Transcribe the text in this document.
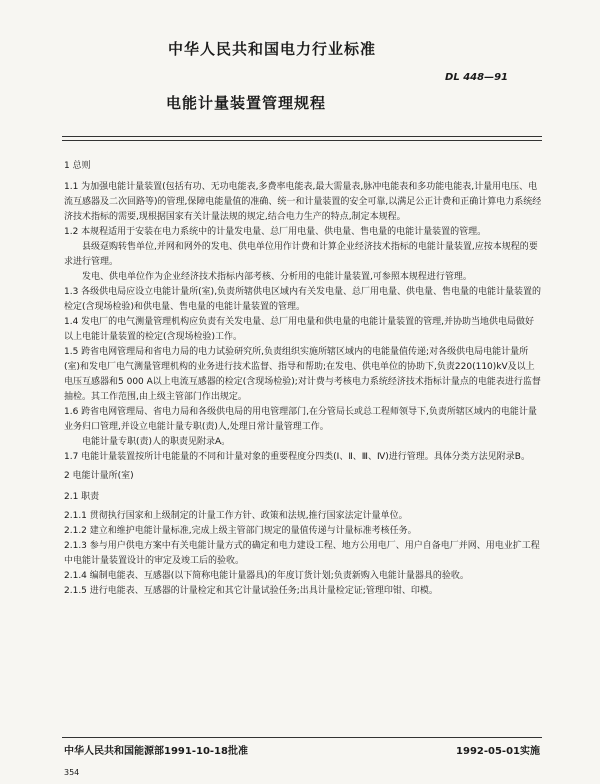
中华人民共和国电力行业标准
DL 448—91
电能计量装置管理规程

1 总则

1.1 为加强电能计量装置(包括有功、无功电能表,多费率电能表,最大需量表,脉冲电能表和多功能电能表,计量用电压、电流互感器及二次回路等)的管理,保障电能量值的准确、统一和计量装置的安全可靠,以满足公正计费和正确计算电力系统经济技术指标的需要,现根据国家有关计量法规的规定,结合电力生产的特点,制定本规程。

1.2 本规程适用于安装在电力系统中的计量发电量、总厂用电量、供电量、售电量的电能计量装置的管理。

县级趸购转售单位,并网和网外的发电、供电单位用作计费和计算企业经济技术指标的电能计量装置,应按本规程的要求进行管理。

发电、供电单位作为企业经济技术指标内部考核、分析用的电能计量装置,可参照本规程进行管理。

1.3 各级供电局应设立电能计量所(室),负责所辖供电区域内有关发电量、总厂用电量、供电量、售电量的电能计量装置的检定(含现场检验)和供电量、售电量的电能计量装置的管理。

1.4 发电厂的电气测量管理机构应负责有关发电量、总厂用电量和供电量的电能计量装置的管理,并协助当地供电局做好以上电能计量装置的检定(含现场检验)工作。

1.5 跨省电网管理局和省电力局的电力试验研究所,负责组织实施所辖区域内的电能量值传递;对各级供电局电能计量所(室)和发电厂电气测量管理机构的业务进行技术监督、指导和帮助;在发电、供电单位的协助下,负责220(110)kV及以上电压互感器和5 000 A以上电流互感器的检定(含现场检验);对计费与考核电力系统经济技术指标计量点的电能表进行监督抽检。其工作范围,由上级主管部门作出规定。

1.6 跨省电网管理局、省电力局和各级供电局的用电管理部门,在分管局长或总工程师领导下,负责所辖区域内的电能计量业务归口管理,并设立电能计量专职(责)人,处理日常计量管理工作。

电能计量专职(责)人的职责见附录A。

1.7 电能计量装置按所计电能量的不同和计量对象的重要程度分四类(Ⅰ、Ⅱ、Ⅲ、Ⅳ)进行管理。具体分类方法见附录B。

2 电能计量所(室)

2.1 职责

2.1.1 贯彻执行国家和上级制定的计量工作方针、政策和法规,推行国家法定计量单位。

2.1.2 建立和维护电能计量标准,完成上级主管部门规定的量值传递与计量标准考核任务。

2.1.3 参与用户供电方案中有关电能计量方式的确定和电力建设工程、地方公用电厂、用户自备电厂并网、用电业扩工程中电能计量装置设计的审定及竣工后的验收。

2.1.4 编制电能表、互感器(以下简称电能计量器具)的年度订货计划;负责新购入电能计量器具的验收。

2.1.5 进行电能表、互感器的计量检定和其它计量试验任务;出具计量检定证;管理印钳、印模。

中华人民共和国能源部1991-10-18批准	1992-05-01实施
354
